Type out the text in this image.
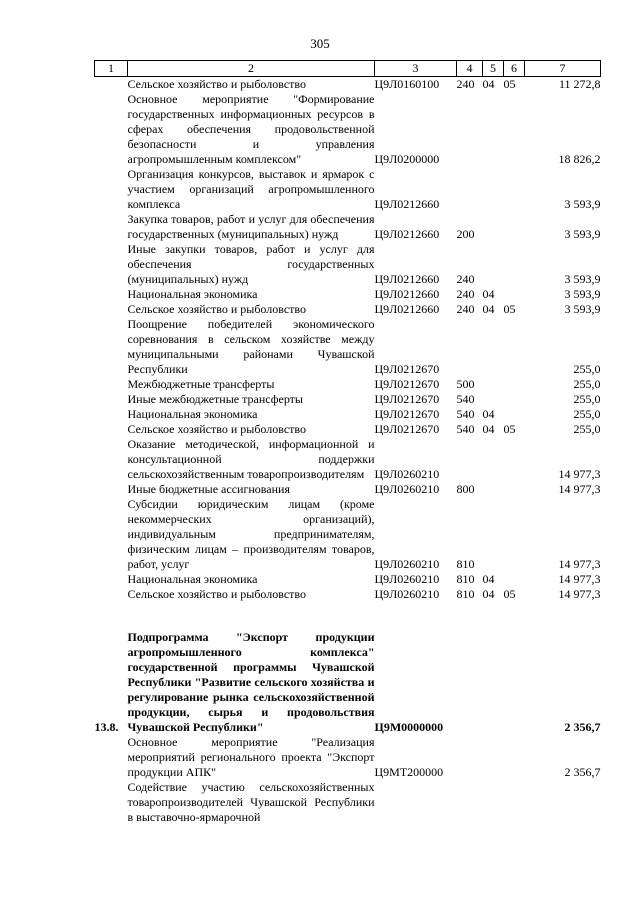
305
1	2	3	4	5	6	7
	Сельское хозяйство и рыболовство	Ц9Л0160100	240	04	05	11 272,8
	Основное мероприятие "Формирование государственных информационных ресурсов в сферах обеспечения продовольственной безопасности и управления агропромышленным комплексом"	Ц9Л0200000				18 826,2
	Организация конкурсов, выставок и ярмарок с участием организаций агропромышленного комплекса	Ц9Л0212660				3 593,9
	Закупка товаров, работ и услуг для обеспечения государственных (муниципальных) нужд	Ц9Л0212660	200			3 593,9
	Иные закупки товаров, работ и услуг для обеспечения государственных (муниципальных) нужд	Ц9Л0212660	240			3 593,9
	Национальная экономика	Ц9Л0212660	240	04		3 593,9
	Сельское хозяйство и рыболовство	Ц9Л0212660	240	04	05	3 593,9
	Поощрение победителей экономического соревнования в сельском хозяйстве между муниципальными районами Чувашской Республики	Ц9Л0212670				255,0
	Межбюджетные трансферты	Ц9Л0212670	500			255,0
	Иные межбюджетные трансферты	Ц9Л0212670	540			255,0
	Национальная экономика	Ц9Л0212670	540	04		255,0
	Сельское хозяйство и рыболовство	Ц9Л0212670	540	04	05	255,0
	Оказание методической, информационной и консультационной поддержки сельскохозяйственным товаропроизводителям	Ц9Л0260210				14 977,3
	Иные бюджетные ассигнования	Ц9Л0260210	800			14 977,3
	Субсидии юридическим лицам (кроме некоммерческих организаций), индивидуальным предпринимателям, физическим лицам – производителям товаров, работ, услуг	Ц9Л0260210	810			14 977,3
	Национальная экономика	Ц9Л0260210	810	04		14 977,3
	Сельское хозяйство и рыболовство	Ц9Л0260210	810	04	05	14 977,3

13.8.	Подпрограмма "Экспорт продукции агропромышленного комплекса" государственной программы Чувашской Республики "Развитие сельского хозяйства и регулирование рынка сельскохозяйственной продукции, сырья и продовольствия Чувашской Республики"	Ц9М0000000				2 356,7
	Основное мероприятие "Реализация мероприятий регионального проекта "Экспорт продукции АПК"	Ц9МТ200000				2 356,7
	Содействие участию сельскохозяйственных товаропроизводителей Чувашской Республики в выставочно-ярмарочной					
